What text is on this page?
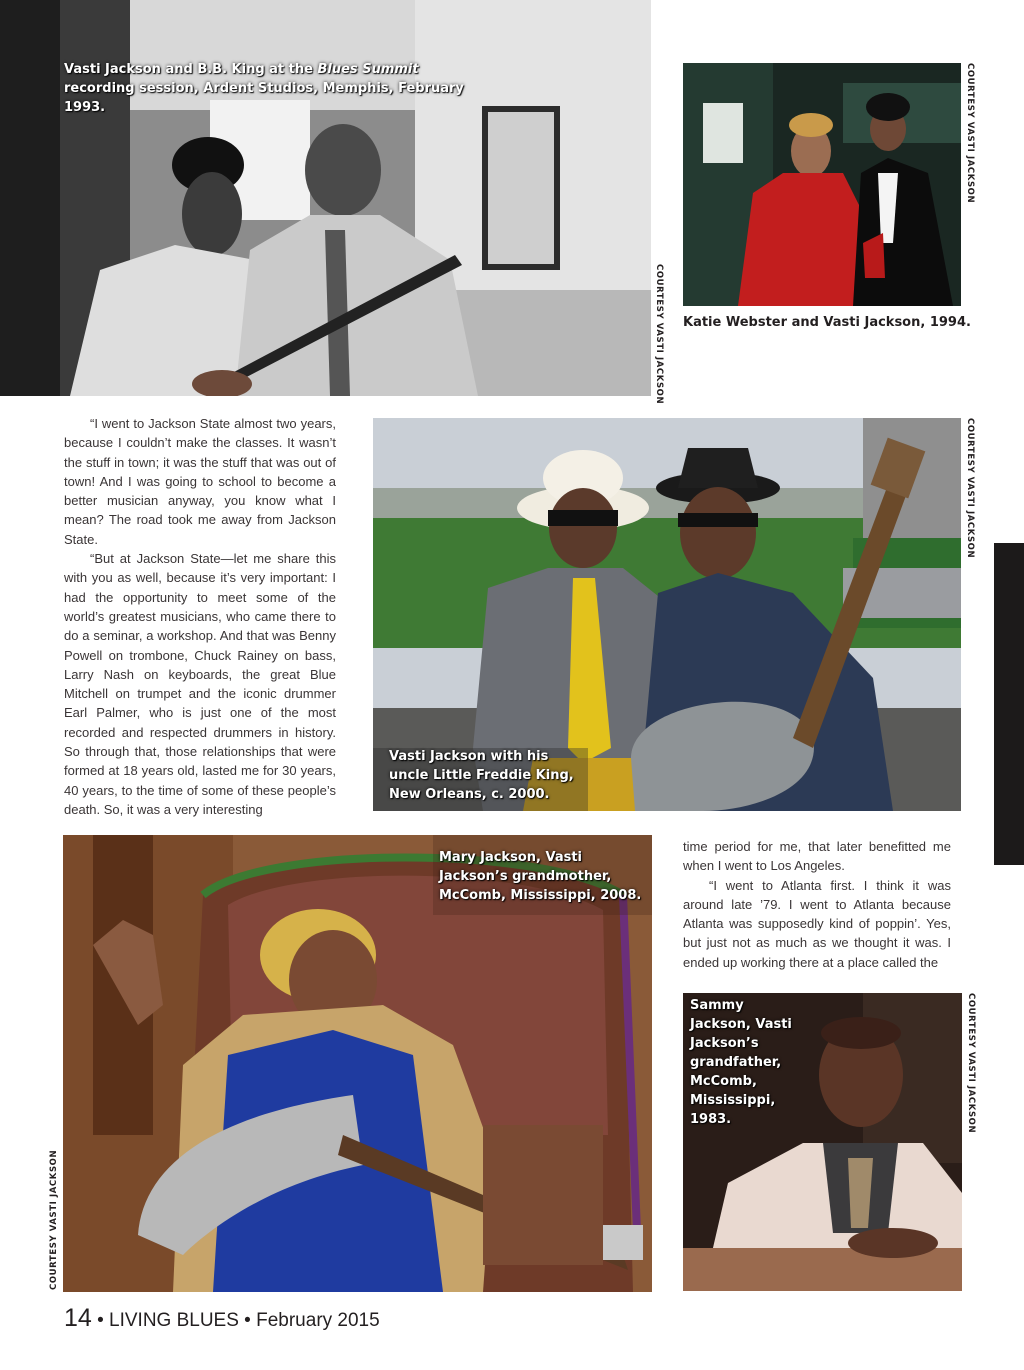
Vasti Jackson and B.B. King at the Blues Summit recording session, Ardent Studios, Memphis, February 1993.
COURTESY VASTI JACKSON
COURTESY VASTI JACKSON
Katie Webster and Vasti Jackson, 1994.

“I went to Jackson State almost two years, because I couldn’t make the classes. It wasn’t the stuff in town; it was the stuff that was out of town! And I was going to school to become a better musician anyway, you know what I mean? The road took me away from Jackson State.

“But at Jackson State—let me share this with you as well, because it’s very important: I had the opportunity to meet some of the world’s greatest musicians, who came there to do a seminar, a workshop. And that was Benny Powell on trombone, Chuck Rainey on bass, Larry Nash on keyboards, the great Blue Mitchell on trumpet and the iconic drummer Earl Palmer, who is just one of the most recorded and respected drummers in history. So through that, those relationships that were formed at 18 years old, lasted me for 30 years, 40 years, to the time of some of these people’s death. So, it was a very interesting

Vasti Jackson with his uncle Little Freddie King, New Orleans, c. 2000.
COURTESY VASTI JACKSON
Mary Jackson, Vasti Jackson’s grandmother, McComb, Mississippi, 2008.
COURTESY VASTI JACKSON

time period for me, that later benefitted me when I went to Los Angeles.

“I went to Atlanta first. I think it was around late ’79. I went to Atlanta because Atlanta was supposedly kind of poppin’. Yes, but just not as much as we thought it was. I ended up working there at a place called the

Sammy Jackson, Vasti Jackson’s grandfather, McComb, Mississippi, 1983.	COURTESY VASTI JACKSON
14 • LIVING BLUES • February 2015
